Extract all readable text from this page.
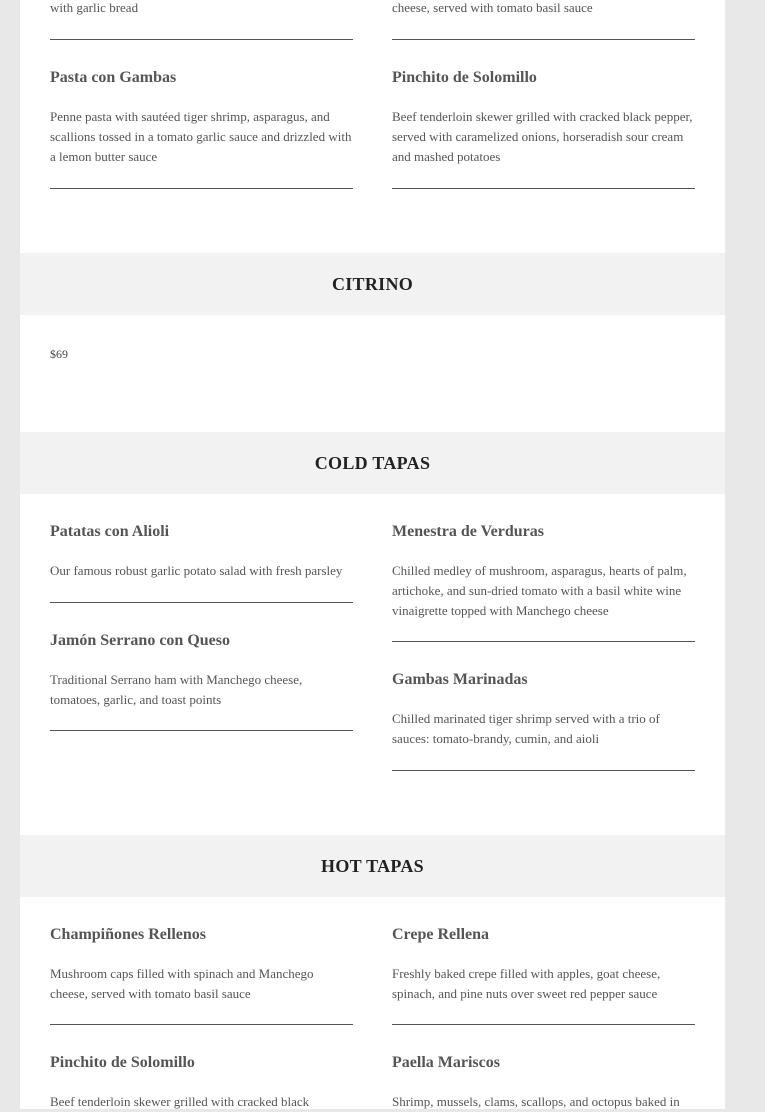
with garlic bread
Pasta con Gambas
Penne pasta with sautéed tiger shrimp, asparagus, and scallions tossed in a tomato garlic sauce and drizzled with a lemon butter sauce
cheese, served with tomato basil sauce
Pinchito de Solomillo
Beef tenderloin skewer grilled with cracked black pepper, served with caramelized onions, horseradish sour cream and mashed potatoes
CITRINO
$69
COLD TAPAS
Patatas con Alioli
Our famous robust garlic potato salad with fresh parsley
Jamón Serrano con Queso
Traditional Serrano ham with Manchego cheese, tomatoes, garlic, and toast points
Menestra de Verduras
Chilled medley of mushroom, asparagus, hearts of palm, artichoke, and sun-dried tomato with a basil white wine vinaigrette topped with Manchego cheese
Gambas Marinadas
Chilled marinated tiger shrimp served with a trio of sauces: tomato-brandy, cumin, and aioli
HOT TAPAS
Champiñones Rellenos
Mushroom caps filled with spinach and Manchego cheese, served with tomato basil sauce
Pinchito de Solomillo
Beef tenderloin skewer grilled with cracked black
Crepe Rellena
Freshly baked crepe filled with apples, goat cheese, spinach, and pine nuts over sweet red pepper sauce
Paella Mariscos
Shrimp, mussels, clams, scallops, and octopus baked in
